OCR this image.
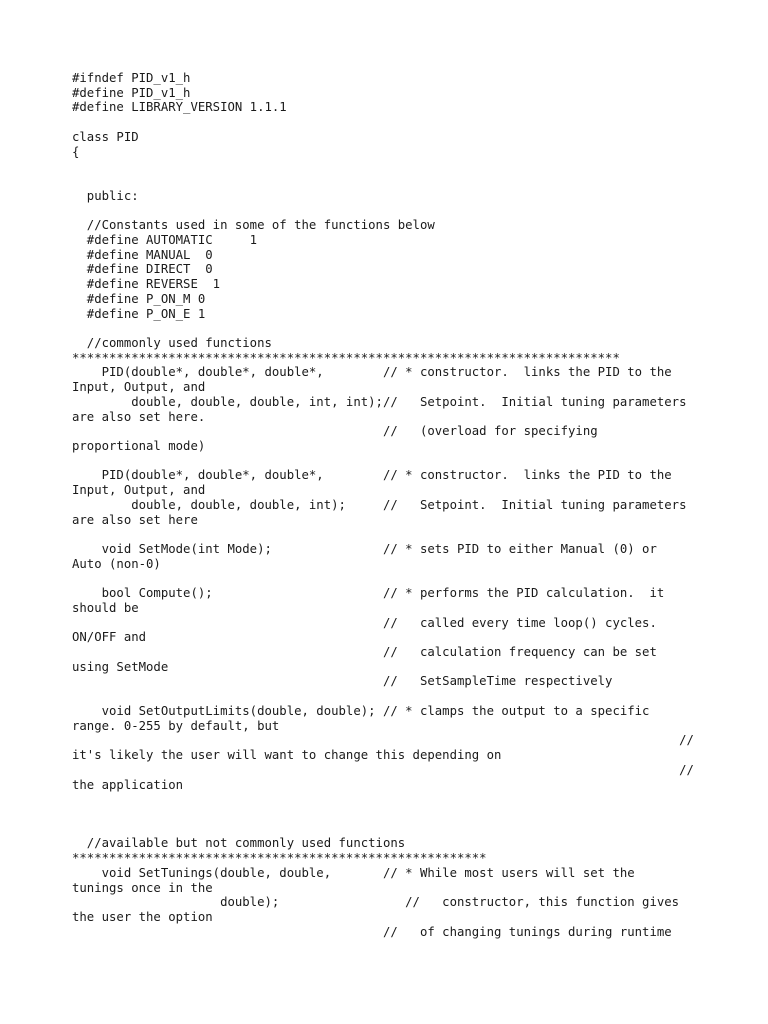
#ifndef PID_v1_h
#define PID_v1_h
#define LIBRARY_VERSION 1.1.1
class PID
{
public:
//Constants used in some of the functions below
#define AUTOMATIC     1
#define MANUAL  0
#define DIRECT  0
#define REVERSE  1
#define P_ON_M 0
#define P_ON_E 1
//commonly used functions
**************************************************************************
PID(double*, double*, double*,        // * constructor.  links the PID to the
Input, Output, and
double, double, double, int, int);//   Setpoint.  Initial tuning parameters
are also set here.
//   (overload for specifying
proportional mode)
PID(double*, double*, double*,        // * constructor.  links the PID to the
Input, Output, and
double, double, double, int);     //   Setpoint.  Initial tuning parameters
are also set here
void SetMode(int Mode);               // * sets PID to either Manual (0) or
Auto (non-0)
bool Compute();                       // * performs the PID calculation.  it
should be
//   called every time loop() cycles.
ON/OFF and
//   calculation frequency can be set
using SetMode
//   SetSampleTime respectively
void SetOutputLimits(double, double); // * clamps the output to a specific
range. 0-255 by default, but
//
it's likely the user will want to change this depending on
//
the application
//available but not commonly used functions
********************************************************
void SetTunings(double, double,       // * While most users will set the
tunings once in the
double);                 //   constructor, this function gives
the user the option
//   of changing tunings during runtime
